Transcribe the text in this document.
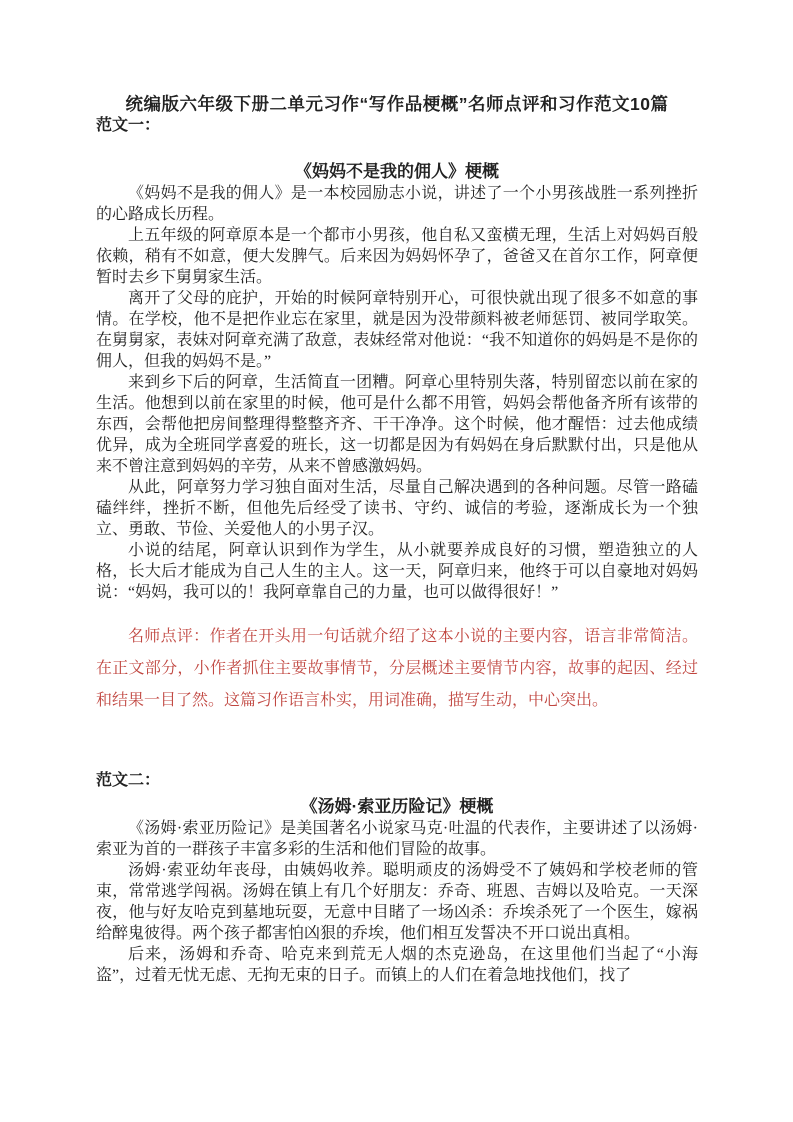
统编版六年级下册二单元习作“写作品梗概”名师点评和习作范文10篇
范文一：
《妈妈不是我的佣人》梗概

《妈妈不是我的佣人》是一本校园励志小说，讲述了一个小男孩战胜一系列挫折的心路成长历程。

上五年级的阿章原本是一个都市小男孩，他自私又蛮横无理，生活上对妈妈百般依赖，稍有不如意，便大发脾气。后来因为妈妈怀孕了，爸爸又在首尔工作，阿章便暂时去乡下舅舅家生活。

离开了父母的庇护，开始的时候阿章特别开心，可很快就出现了很多不如意的事情。在学校，他不是把作业忘在家里，就是因为没带颜料被老师惩罚、被同学取笑。在舅舅家，表妹对阿章充满了敌意，表妹经常对他说：“我不知道你的妈妈是不是你的佣人，但我的妈妈不是。”

来到乡下后的阿章，生活简直一团糟。阿章心里特别失落，特别留恋以前在家的生活。他想到以前在家里的时候，他可是什么都不用管，妈妈会帮他备齐所有该带的东西，会帮他把房间整理得整整齐齐、干干净净。这个时候，他才醒悟：过去他成绩优异，成为全班同学喜爱的班长，这一切都是因为有妈妈在身后默默付出，只是他从来不曾注意到妈妈的辛劳，从来不曾感激妈妈。

从此，阿章努力学习独自面对生活，尽量自己解决遇到的各种问题。尽管一路磕磕绊绊，挫折不断，但他先后经受了读书、守约、诚信的考验，逐渐成长为一个独立、勇敢、节俭、关爱他人的小男子汉。

小说的结尾，阿章认识到作为学生，从小就要养成良好的习惯，塑造独立的人格，长大后才能成为自己人生的主人。这一天，阿章归来，他终于可以自豪地对妈妈说：“妈妈，我可以的！我阿章靠自己的力量，也可以做得很好！”

名师点评：作者在开头用一句话就介绍了这本小说的主要内容，语言非常简洁。在正文部分，小作者抓住主要故事情节，分层概述主要情节内容，故事的起因、经过和结果一目了然。这篇习作语言朴实，用词准确，描写生动，中心突出。

范文二：
《汤姆·索亚历险记》梗概

《汤姆·索亚历险记》是美国著名小说家马克·吐温的代表作，主要讲述了以汤姆·索亚为首的一群孩子丰富多彩的生活和他们冒险的故事。

汤姆·索亚幼年丧母，由姨妈收养。聪明顽皮的汤姆受不了姨妈和学校老师的管束，常常逃学闯祸。汤姆在镇上有几个好朋友：乔奇、班恩、吉姆以及哈克。一天深夜，他与好友哈克到墓地玩耍，无意中目睹了一场凶杀：乔埃杀死了一个医生，嫁祸给醉鬼彼得。两个孩子都害怕凶狠的乔埃，他们相互发誓决不开口说出真相。

后来，汤姆和乔奇、哈克来到荒无人烟的杰克逊岛，在这里他们当起了“小海盗”，过着无忧无虑、无拘无束的日子。而镇上的人们在着急地找他们，找了
